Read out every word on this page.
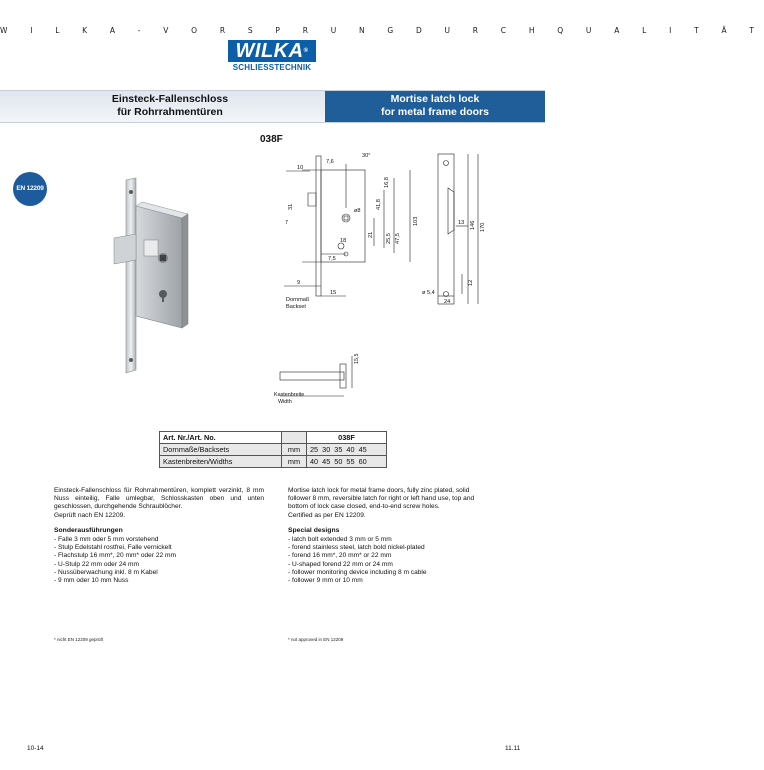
W I L K A - V O R S P R U N G D U R C H Q U A L I T Ä T
WILKA®
SCHLIESSTECHNIK
Einsteck-Fallenschloss
für Rohrrahmentüren
Mortise latch lock
for metal frame doors
EN 12209
038F
10
7,6
30°
16,8
41,8
31
7
21 25,5 47,5
18
ø8
7,5
9
15
103	13 146 170
12
24
ø 5,4
Dornmaß
Backset
15,5
Kastenbreite
Width
Art. Nr./Art. No.		038F
Dornmaße/Backsets	mm	25 30 35 40 45
Kastenbreiten/Widths	mm	40 45 50 55 60

Einsteck-Fallenschloss für Rohrrahmentüren, komplett verzinkt, 8 mm Nuss einteilig, Falle umlegbar, Schlosskasten oben und unten geschlossen, durchgehende Schraublöcher.

Geprüft nach EN 12209.

Sonderausführungen
- Falle 3 mm oder 5 mm vorstehend
- Stulp Edelstahl rostfrei, Falle vernickelt
- Flachstulp 16 mm*, 20 mm* oder 22 mm
- U-Stulp 22 mm oder 24 mm
- Nussüberwachung inkl. 8 m Kabel
- 9 mm oder 10 mm Nuss

Mortise latch lock for metal frame doors, fully zinc plated, solid follower 8 mm, reversible latch for right or left hand use, top and bottom of lock case closed, end-to-end screw holes.

Certified as per EN 12209.

Special designs
- latch bolt extended 3 mm or 5 mm
- forend stainless steel, latch bold nickel-plated
- forend 16 mm*, 20 mm* or 22 mm
- U-shaped forend 22 mm or 24 mm
- follower monitoring device including 8 m cable
- follower 9 mm or 10 mm
* nicht EN 12209 geprüft	* not approved in EN 12209
10-14	11.11
